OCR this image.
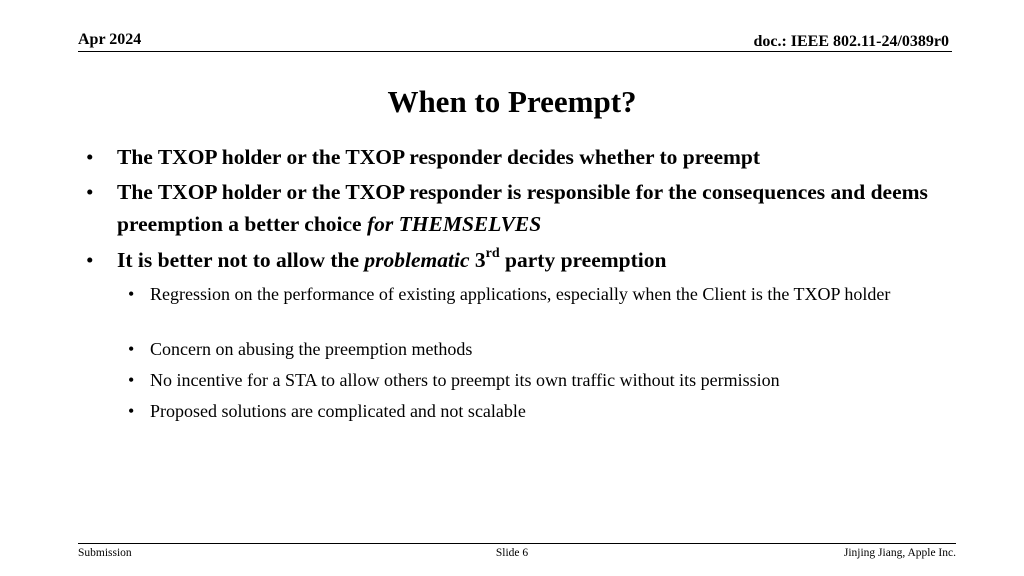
Apr 2024	doc.: IEEE 802.11-24/0389r0
When to Preempt?
• The TXOP holder or the TXOP responder decides whether to preempt
• The TXOP holder or the TXOP responder is responsible for the consequences and deems preemption a better choice for THEMSELVES
• It is better not to allow the problematic 3rd party preemption
• Regression on the performance of existing applications, especially when the Client is the TXOP holder
• Concern on abusing the preemption methods
• No incentive for a STA to allow others to preempt its own traffic without its permission
• Proposed solutions are complicated and not scalable
Submission	Slide 6	Jinjing Jiang, Apple Inc.
